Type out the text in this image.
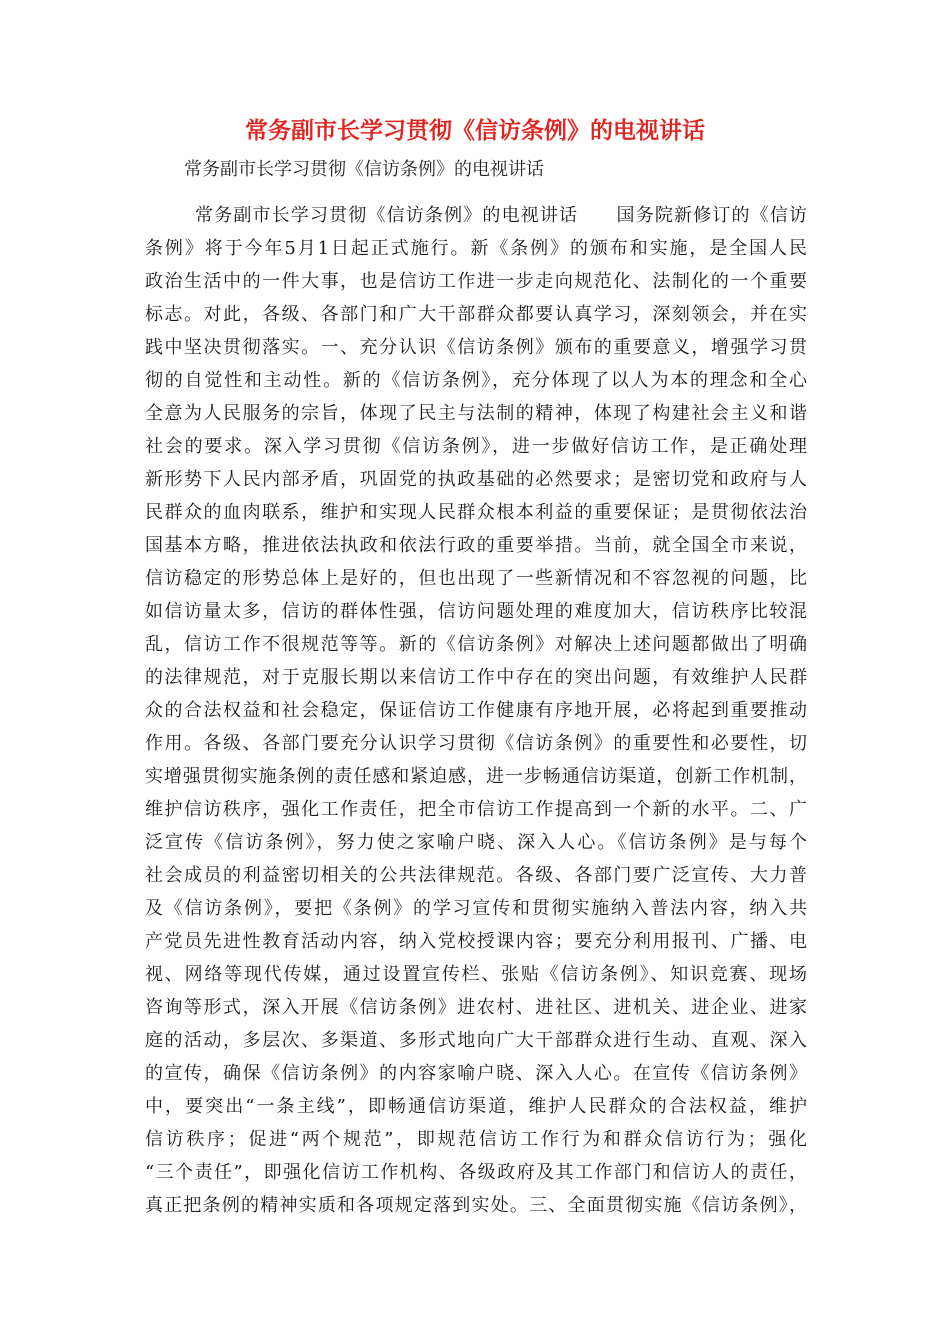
常务副市长学习贯彻《信访条例》的电视讲话

常务副市长学习贯彻《信访条例》的电视讲话

常务副市长学习贯彻《信访条例》的电视讲话　　国务院新修订的《信访
条例》将于今年5月1日起正式施行。新《条例》的颁布和实施，是全国人民
政治生活中的一件大事，也是信访工作进一步走向规范化、法制化的一个重要
标志。对此，各级、各部门和广大干部群众都要认真学习，深刻领会，并在实
践中坚决贯彻落实。一、充分认识《信访条例》颁布的重要意义，增强学习贯
彻的自觉性和主动性。新的《信访条例》，充分体现了以人为本的理念和全心
全意为人民服务的宗旨，体现了民主与法制的精神，体现了构建社会主义和谐
社会的要求。深入学习贯彻《信访条例》，进一步做好信访工作，是正确处理
新形势下人民内部矛盾，巩固党的执政基础的必然要求；是密切党和政府与人
民群众的血肉联系，维护和实现人民群众根本利益的重要保证；是贯彻依法治
国基本方略，推进依法执政和依法行政的重要举措。当前，就全国全市来说，
信访稳定的形势总体上是好的，但也出现了一些新情况和不容忽视的问题，比
如信访量太多，信访的群体性强，信访问题处理的难度加大，信访秩序比较混
乱，信访工作不很规范等等。新的《信访条例》对解决上述问题都做出了明确
的法律规范，对于克服长期以来信访工作中存在的突出问题，有效维护人民群
众的合法权益和社会稳定，保证信访工作健康有序地开展，必将起到重要推动
作用。各级、各部门要充分认识学习贯彻《信访条例》的重要性和必要性，切
实增强贯彻实施条例的责任感和紧迫感，进一步畅通信访渠道，创新工作机制，
维护信访秩序，强化工作责任，把全市信访工作提高到一个新的水平。二、广
泛宣传《信访条例》，努力使之家喻户晓、深入人心。《信访条例》是与每个
社会成员的利益密切相关的公共法律规范。各级、各部门要广泛宣传、大力普
及《信访条例》，要把《条例》的学习宣传和贯彻实施纳入普法内容，纳入共
产党员先进性教育活动内容，纳入党校授课内容；要充分利用报刊、广播、电
视、网络等现代传媒，通过设置宣传栏、张贴《信访条例》、知识竞赛、现场
咨询等形式，深入开展《信访条例》进农村、进社区、进机关、进企业、进家
庭的活动，多层次、多渠道、多形式地向广大干部群众进行生动、直观、深入
的宣传，确保《信访条例》的内容家喻户晓、深入人心。在宣传《信访条例》
中，要突出“一条主线”，即畅通信访渠道，维护人民群众的合法权益，维护
信访秩序；促进“两个规范”，即规范信访工作行为和群众信访行为；强化
“三个责任”，即强化信访工作机构、各级政府及其工作部门和信访人的责任，
真正把条例的精神实质和各项规定落到实处。三、全面贯彻实施《信访条例》，
